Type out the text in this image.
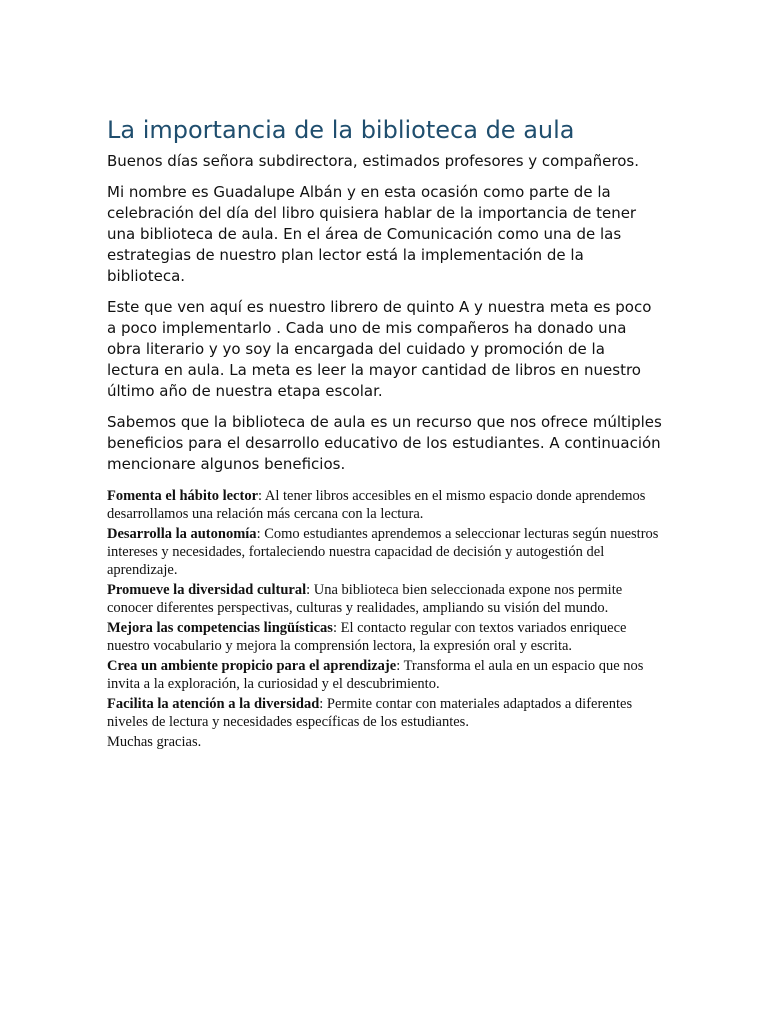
La importancia de la biblioteca de aula

Buenos días señora subdirectora, estimados profesores y compañeros.

Mi nombre es Guadalupe Albán y en esta ocasión como parte de la celebración del día del libro quisiera hablar de la importancia de tener una biblioteca de aula. En el área de Comunicación como una de las estrategias de nuestro plan lector está la implementación de la biblioteca.

Este que ven aquí es nuestro librero de quinto A y nuestra meta es poco a poco implementarlo . Cada uno de mis compañeros ha donado una obra literario y yo soy la encargada del cuidado y promoción de la lectura en aula. La meta es leer la mayor cantidad de libros en nuestro último año de nuestra etapa escolar.

Sabemos que la biblioteca de aula es un recurso que nos ofrece múltiples beneficios para el desarrollo educativo de los estudiantes. A continuación mencionare algunos beneficios.

Fomenta el hábito lector: Al tener libros accesibles en el mismo espacio donde aprendemos desarrollamos una relación más cercana con la lectura.

Desarrolla la autonomía: Como estudiantes aprendemos a seleccionar lecturas según nuestros intereses y necesidades, fortaleciendo nuestra capacidad de decisión y autogestión del aprendizaje.

Promueve la diversidad cultural: Una biblioteca bien seleccionada expone nos permite conocer diferentes perspectivas, culturas y realidades, ampliando su visión del mundo.

Mejora las competencias lingüísticas: El contacto regular con textos variados enriquece nuestro vocabulario y mejora la comprensión lectora, la expresión oral y escrita.

Crea un ambiente propicio para el aprendizaje: Transforma el aula en un espacio que nos invita a la exploración, la curiosidad y el descubrimiento.

Facilita la atención a la diversidad: Permite contar con materiales adaptados a diferentes niveles de lectura y necesidades específicas de los estudiantes.

Muchas gracias.
